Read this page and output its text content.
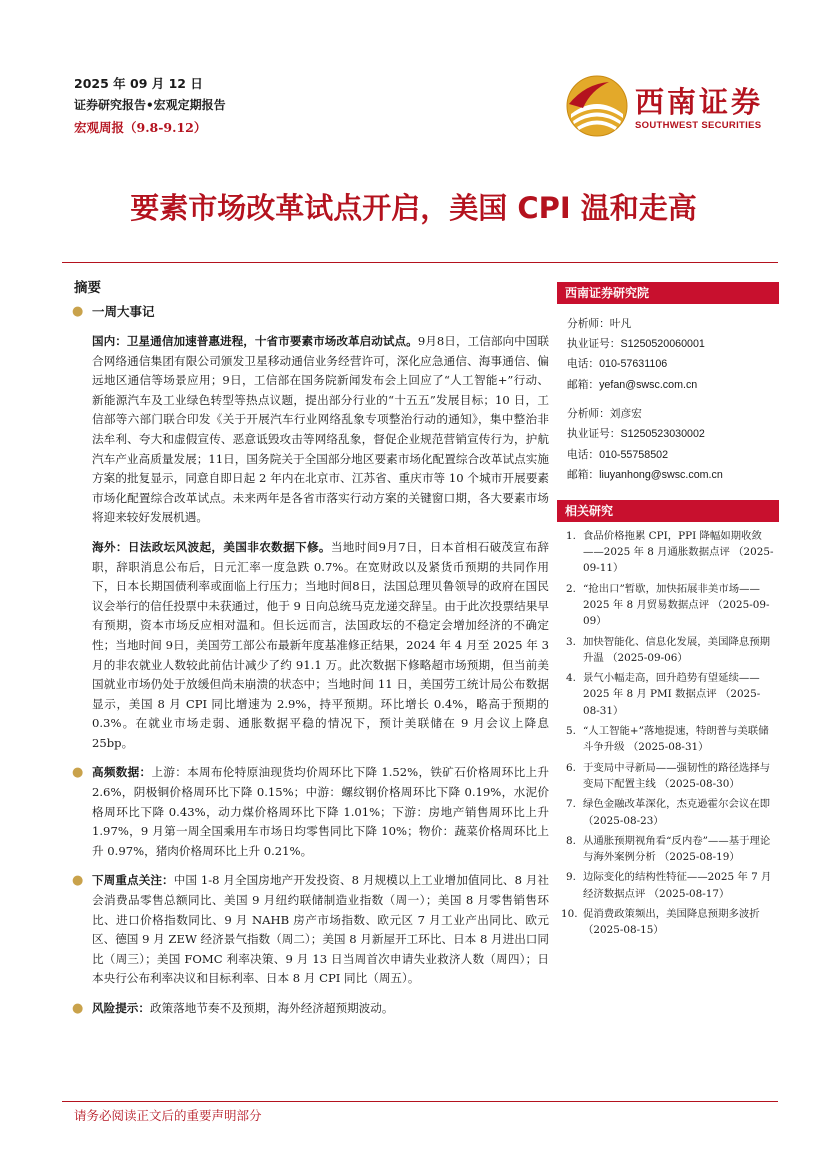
2025 年 09 月 12 日
证券研究报告•宏观定期报告
宏观周报（9.8-9.12）
西南证券
SOUTHWEST SECURITIES
要素市场改革试点开启，美国 CPI 温和走高
摘要
● 一周大事记
国内：卫星通信加速普惠进程，十省市要素市场改革启动试点。9月8日，工信部向中国联合网络通信集团有限公司颁发卫星移动通信业务经营许可，深化应急通信、海事通信、偏远地区通信等场景应用；9日，工信部在国务院新闻发布会上回应了“人工智能+”行动、新能源汽车及工业绿色转型等热点议题，提出部分行业的“十五五”发展目标；10 日，工信部等六部门联合印发《关于开展汽车行业网络乱象专项整治行动的通知》，集中整治非法牟利、夸大和虚假宣传、恶意诋毁攻击等网络乱象，督促企业规范营销宣传行为，护航汽车产业高质量发展；11日，国务院关于全国部分地区要素市场化配置综合改革试点实施方案的批复显示，同意自即日起 2 年内在北京市、江苏省、重庆市等 10 个城市开展要素市场化配置综合改革试点。未来两年是各省市落实行动方案的关键窗口期，各大要素市场将迎来较好发展机遇。
海外：日法政坛风波起，美国非农数据下修。当地时间9月7日，日本首相石破茂宣布辞职，辞职消息公布后，日元汇率一度急跌 0.7%。在宽财政以及紧货币预期的共同作用下，日本长期国债利率或面临上行压力；当地时间8日，法国总理贝鲁领导的政府在国民议会举行的信任投票中未获通过，他于 9 日向总统马克龙递交辞呈。由于此次投票结果早有预期，资本市场反应相对温和。但长远而言，法国政坛的不稳定会增加经济的不确定性；当地时间 9日，美国劳工部公布最新年度基准修正结果，2024 年 4 月至 2025 年 3 月的非农就业人数较此前估计减少了约 91.1 万。此次数据下修略超市场预期，但当前美国就业市场仍处于放缓但尚未崩溃的状态中；当地时间 11 日，美国劳工统计局公布数据显示，美国 8 月 CPI 同比增速为 2.9%，持平预期。环比增长 0.4%，略高于预期的 0.3%。在就业市场走弱、通胀数据平稳的情况下，预计美联储在 9 月会议上降息 25bp。
● 高频数据：上游：本周布伦特原油现货均价周环比下降 1.52%，铁矿石价格周环比上升 2.6%，阴极铜价格周环比下降 0.15%；中游：螺纹钢价格周环比下降 0.19%，水泥价格周环比下降 0.43%，动力煤价格周环比下降 1.01%；下游：房地产销售周环比上升 1.97%，9 月第一周全国乘用车市场日均零售同比下降 10%；物价：蔬菜价格周环比上升 0.97%，猪肉价格周环比上升 0.21%。
● 下周重点关注：中国 1-8 月全国房地产开发投资、8 月规模以上工业增加值同比、8 月社会消费品零售总额同比、美国 9 月纽约联储制造业指数（周一）；美国 8 月零售销售环比、进口价格指数同比、9 月 NAHB 房产市场指数、欧元区 7 月工业产出同比、欧元区、德国 9 月 ZEW 经济景气指数（周二）；美国 8 月新屋开工环比、日本 8 月进出口同比（周三）；美国 FOMC 利率决策、9 月 13 日当周首次申请失业救济人数（周四）；日本央行公布利率决议和目标利率、日本 8 月 CPI 同比（周五）。
● 风险提示：政策落地节奏不及预期，海外经济超预期波动。
西南证券研究院
分析师：叶凡
执业证号：S1250520060001
电话：010-57631106
邮箱：yefan@swsc.com.cn
分析师：刘彦宏
执业证号：S1250523030002
电话：010-55758502
邮箱：liuyanhong@swsc.com.cn
相关研究
1. 食品价格拖累 CPI，PPI 降幅如期收敛——2025 年 8 月通胀数据点评 （2025-09-11）
2. “抢出口”暂歇，加快拓展非美市场——2025 年 8 月贸易数据点评 （2025-09-09）
3. 加快智能化、信息化发展，美国降息预期升温 （2025-09-06）
4. 景气小幅走高，回升趋势有望延续——2025 年 8 月 PMI 数据点评 （2025-08-31）
5. “人工智能+”落地提速，特朗普与美联储斗争升级 （2025-08-31）
6. 于变局中寻新局——强韧性的路径选择与变局下配置主线 （2025-08-30）
7. 绿色金融改革深化，杰克逊霍尔会议在即 （2025-08-23）
8. 从通胀预期视角看“反内卷”——基于理论与海外案例分析 （2025-08-19）
9. 边际变化的结构性特征——2025 年 7 月经济数据点评 （2025-08-17）
10. 促消费政策频出，美国降息预期多波折 （2025-08-15）
请务必阅读正文后的重要声明部分
